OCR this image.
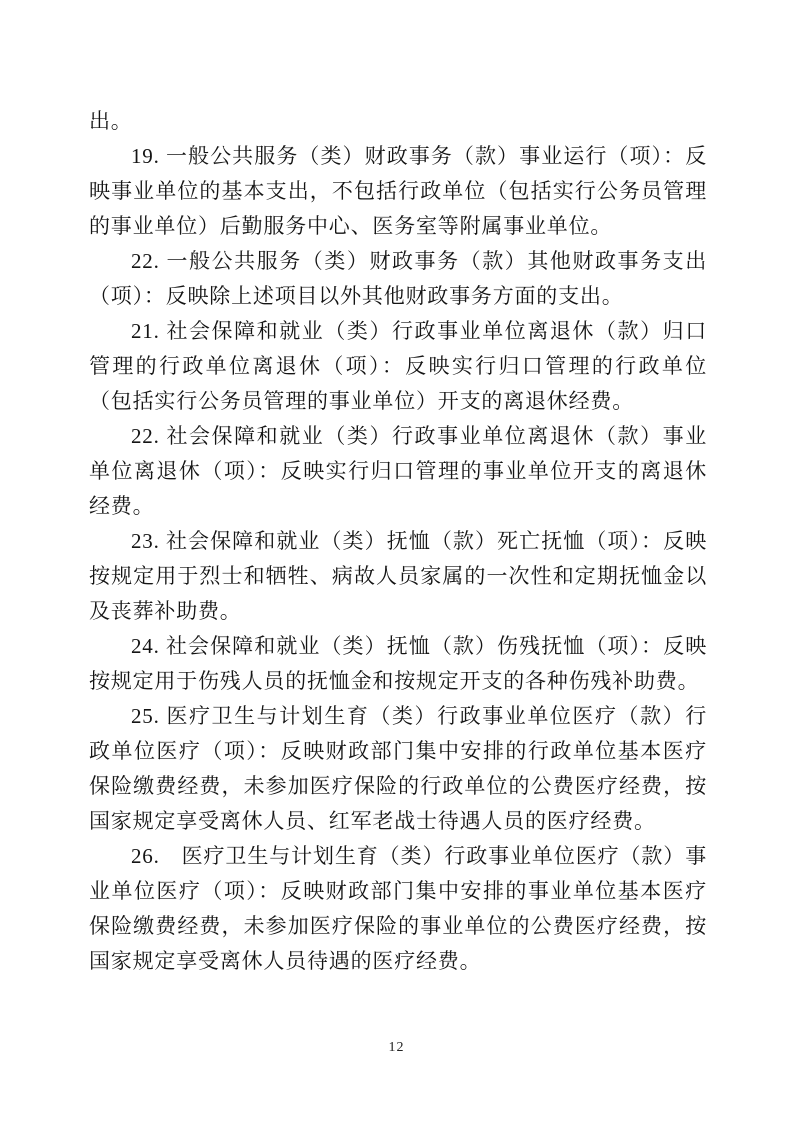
出。

19. 一般公共服务（类）财政事务（款）事业运行（项）：反映事业单位的基本支出，不包括行政单位（包括实行公务员管理的事业单位）后勤服务中心、医务室等附属事业单位。

22. 一般公共服务（类）财政事务（款）其他财政事务支出（项）：反映除上述项目以外其他财政事务方面的支出。

21. 社会保障和就业（类）行政事业单位离退休（款）归口管理的行政单位离退休（项）：反映实行归口管理的行政单位（包括实行公务员管理的事业单位）开支的离退休经费。

22. 社会保障和就业（类）行政事业单位离退休（款）事业单位离退休（项）：反映实行归口管理的事业单位开支的离退休经费。

23. 社会保障和就业（类）抚恤（款）死亡抚恤（项）：反映按规定用于烈士和牺牲、病故人员家属的一次性和定期抚恤金以及丧葬补助费。

24. 社会保障和就业（类）抚恤（款）伤残抚恤（项）：反映按规定用于伤残人员的抚恤金和按规定开支的各种伤残补助费。

25. 医疗卫生与计划生育（类）行政事业单位医疗（款）行政单位医疗（项）：反映财政部门集中安排的行政单位基本医疗保险缴费经费，未参加医疗保险的行政单位的公费医疗经费，按国家规定享受离休人员、红军老战士待遇人员的医疗经费。

26.　医疗卫生与计划生育（类）行政事业单位医疗（款）事业单位医疗（项）：反映财政部门集中安排的事业单位基本医疗保险缴费经费，未参加医疗保险的事业单位的公费医疗经费，按国家规定享受离休人员待遇的医疗经费。

12
